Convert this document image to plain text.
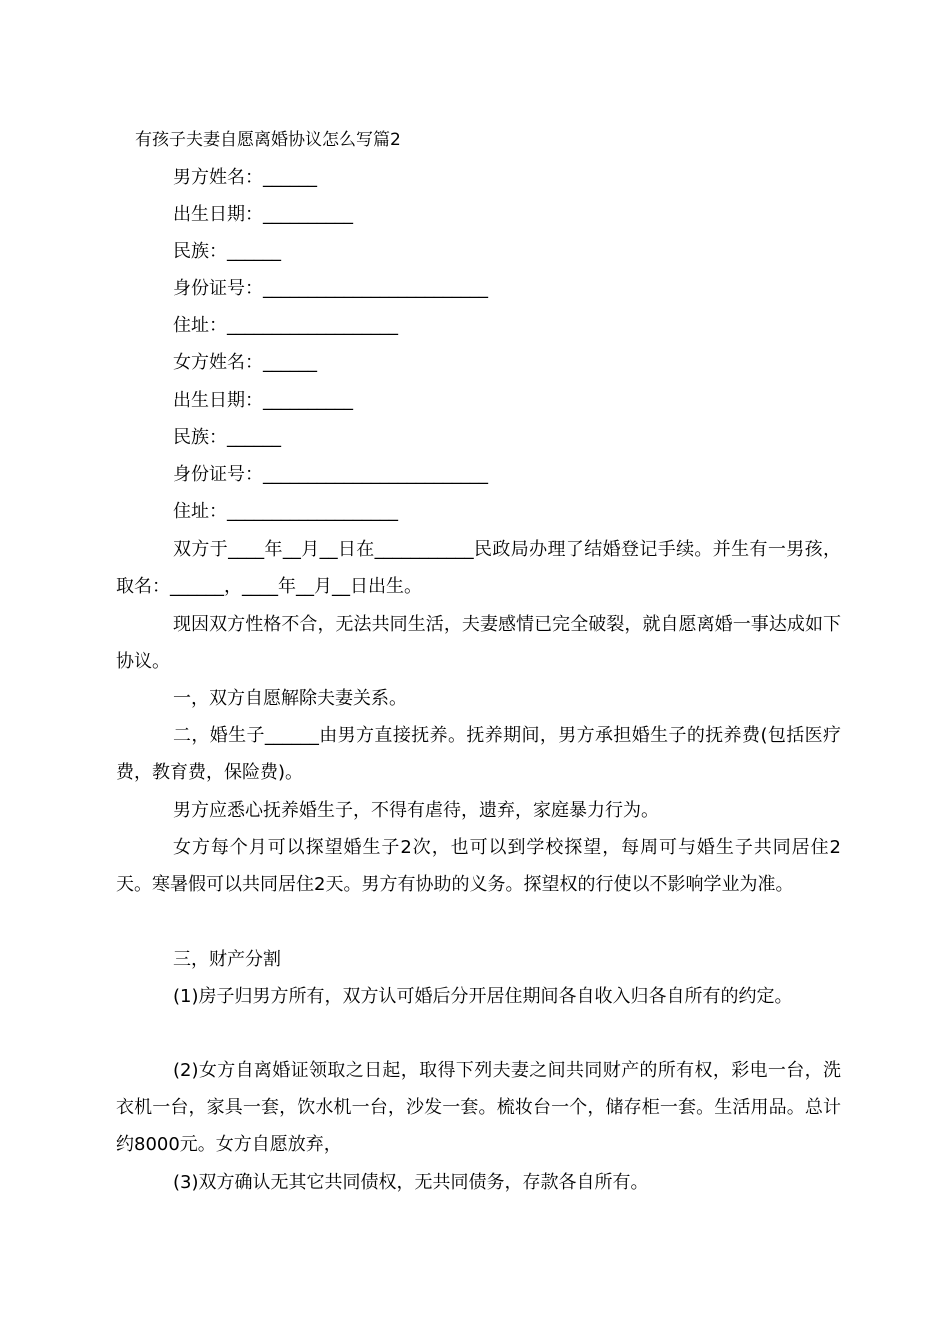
有孩子夫妻自愿离婚协议怎么写篇2
男方姓名：______
出生日期：__________
民族：______
身份证号：_________________________
住址：___________________
女方姓名：______
出生日期：__________
民族：______
身份证号：_________________________
住址：___________________
双方于____年__月__日在___________民政局办理了结婚登记手续。并生有一男孩，取名：______，____年__月__日出生。
现因双方性格不合，无法共同生活，夫妻感情已完全破裂，就自愿离婚一事达成如下协议。
一，双方自愿解除夫妻关系。
二，婚生子______由男方直接抚养。抚养期间，男方承担婚生子的抚养费(包括医疗费，教育费，保险费)。
男方应悉心抚养婚生子，不得有虐待，遗弃，家庭暴力行为。
女方每个月可以探望婚生子2次，也可以到学校探望，每周可与婚生子共同居住2天。寒暑假可以共同居住2天。男方有协助的义务。探望权的行使以不影响学业为准。
三，财产分割
(1)房子归男方所有，双方认可婚后分开居住期间各自收入归各自所有的约定。
(2)女方自离婚证领取之日起，取得下列夫妻之间共同财产的所有权，彩电一台，洗衣机一台，家具一套，饮水机一台，沙发一套。梳妆台一个，储存柜一套。生活用品。总计约8000元。女方自愿放弃，
(3)双方确认无其它共同债权，无共同债务，存款各自所有。
